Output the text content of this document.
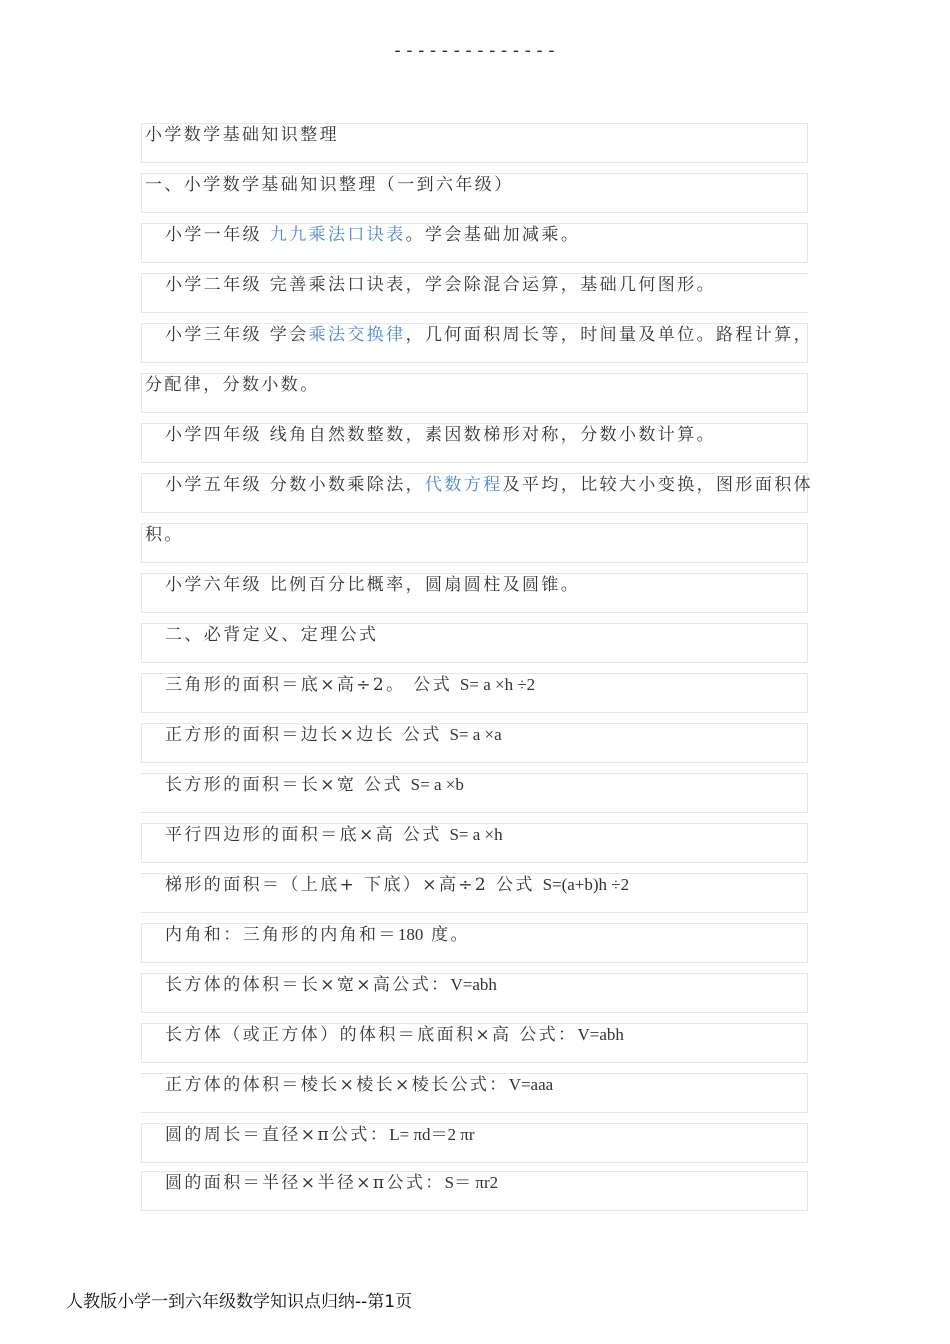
--------------
小学数学基础知识整理
一、小学数学基础知识整理（一到六年级）
小学一年级 九九乘法口诀表。学会基础加减乘。
小学二年级 完善乘法口诀表，学会除混合运算，基础几何图形。
小学三年级 学会乘法交换律，几何面积周长等，时间量及单位。路程计算，
分配律，分数小数。
小学四年级 线角自然数整数，素因数梯形对称，分数小数计算。
小学五年级 分数小数乘除法，代数方程及平均，比较大小变换，图形面积体
积。
小学六年级 比例百分比概率，圆扇圆柱及圆锥。
二、必背定义、定理公式
三角形的面积＝底×高÷2。 公式 S= a ×h ÷2
正方形的面积＝边长×边长 公式 S= a ×a
长方形的面积＝长×宽 公式 S= a ×b
平行四边形的面积＝底×高 公式 S= a ×h
梯形的面积＝（上底+ 下底）×高÷2 公式 S=(a+b)h ÷2
内角和：三角形的内角和＝180 度。
长方体的体积＝长×宽×高公式：V=abh
长方体（或正方体）的体积＝底面积×高 公式：V=abh
正方体的体积＝棱长×棱长×棱长公式：V=aaa
圆的周长＝直径×π公式：L= πd＝2 πr
圆的面积＝半径×半径×π公式：S＝ πr2
人教版小学一到六年级数学知识点归纳--第1页
